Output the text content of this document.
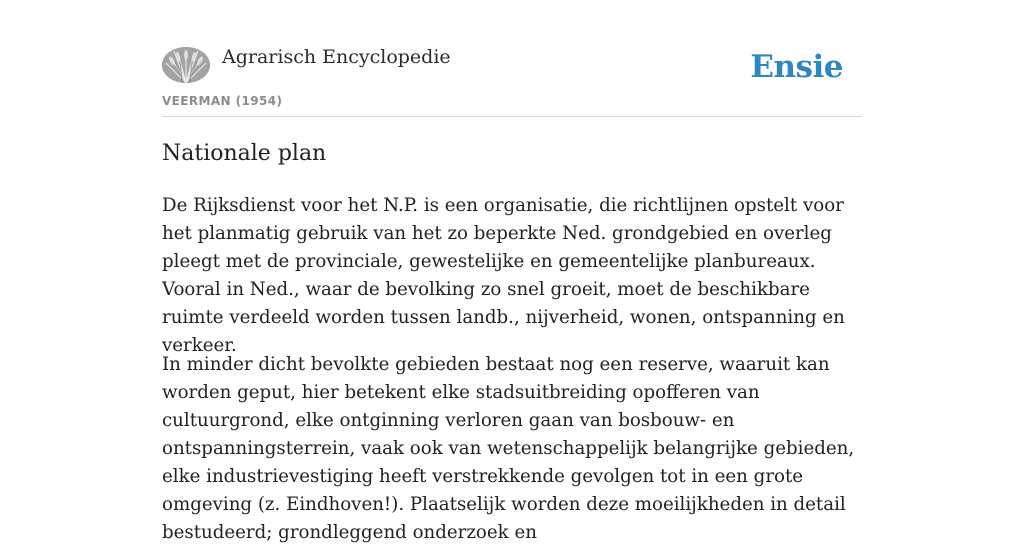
Agrarisch Encyclopedie
VEERMAN (1954)
Ensie
Nationale plan

De Rijksdienst voor het N.P. is een organisatie, die richtlijnen opstelt voor het planmatig gebruik van het zo beperkte Ned. grondgebied en overleg pleegt met de provinciale, gewestelijke en gemeentelijke planbureaux. Vooral in Ned., waar de bevolking zo snel groeit, moet de beschikbare ruimte verdeeld worden tussen landb., nijverheid, wonen, ontspanning en verkeer.

In minder dicht bevolkte gebieden bestaat nog een reserve, waaruit kan worden geput, hier betekent elke stadsuitbreiding opofferen van cultuurgrond, elke ontginning verloren gaan van bosbouw- en ontspanningsterrein, vaak ook van wetenschappelijk belangrijke gebieden, elke industrievestiging heeft verstrekkende gevolgen tot in een grote omgeving (z. Eindhoven!). Plaatselijk worden deze moeilijkheden in detail bestudeerd; grondleggend onderzoek en
